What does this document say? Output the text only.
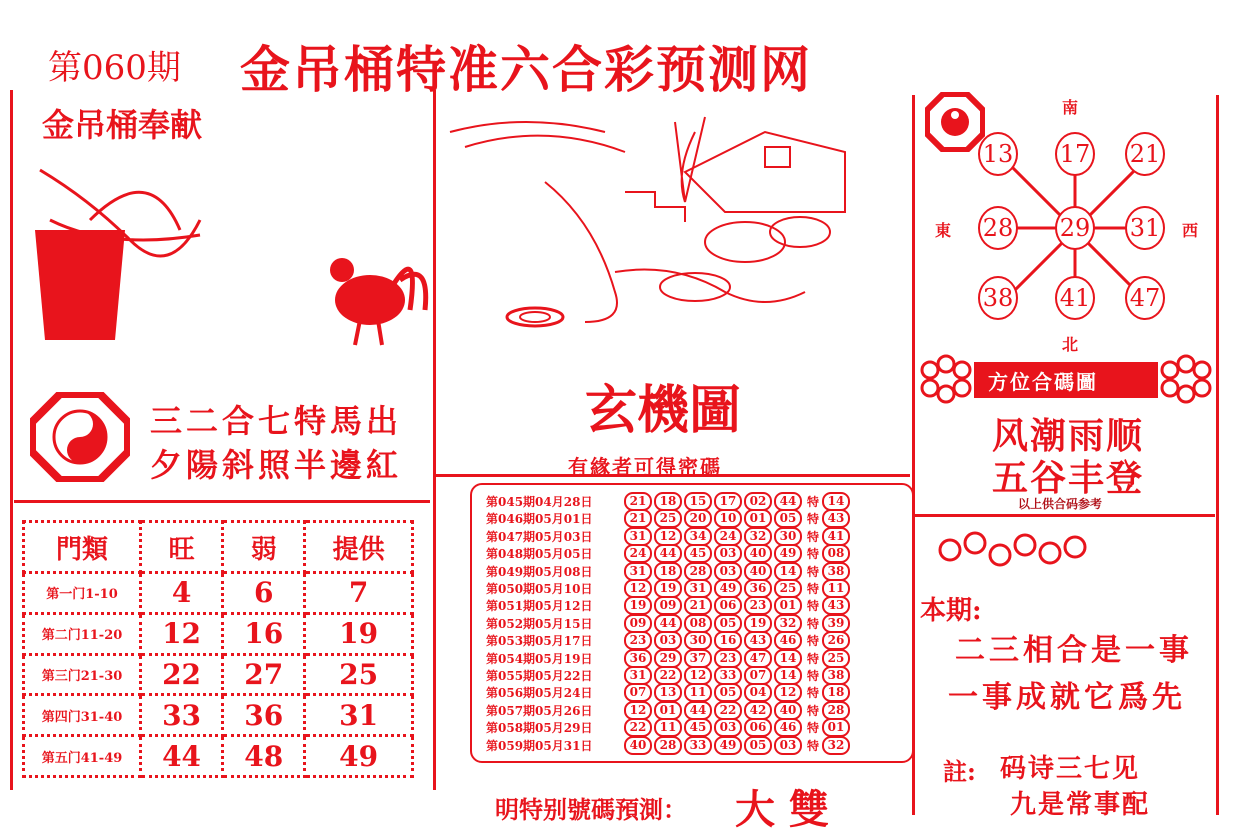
第060期 金吊桶特准六合彩预测网
金吊桶奉献
三二合七特馬出
夕陽斜照半邊紅
門類	旺	弱	提供
第一门1-10	4	6	7
第二门11-20	12	16	19
第三门21-30	22	27	25
第四门31-40	33	36	31
第五门41-49	44	48	49
玄機圖
有緣者可得密碼
第045期04月28日	21	18	15	17	02	44 特 14
第046期05月01日	21	25	20	10	01	05 特 43
第047期05月03日	31	12	34	24	32	30 特 41
第048期05月05日	24	44	45	03	40	49 特 08
第049期05月08日	31	18	28	03	40	14 特 38
第050期05月10日	12	19	31	49	36	25 特 11
第051期05月12日	19	09	21	06	23	01 特 43
第052期05月15日	09	44	08	05	19	32 特 39
第053期05月17日	23	03	30	16	43	46 特 26
第054期05月19日	36	29	37	23	47	14 特 25
第055期05月22日	31	22	12	33	07	14 特 38
第056期05月24日	07	13	11	05	04	12 特 18
第057期05月26日	12	01	44	22	42	40 特 28
第058期05月29日	22	11	45	03	06	46 特 01
第059期05月31日	40	28	33	49	05	03 特 32
明特别號碼預測： 大 雙
南
東	西
北
13 17 21
28 29 31
38 41 47
方位合碼圖
风潮雨顺
五谷丰登
以上供合码参考
本期:
二三相合是一事
一事成就它爲先
註: 码诗三七见
九是常事配
